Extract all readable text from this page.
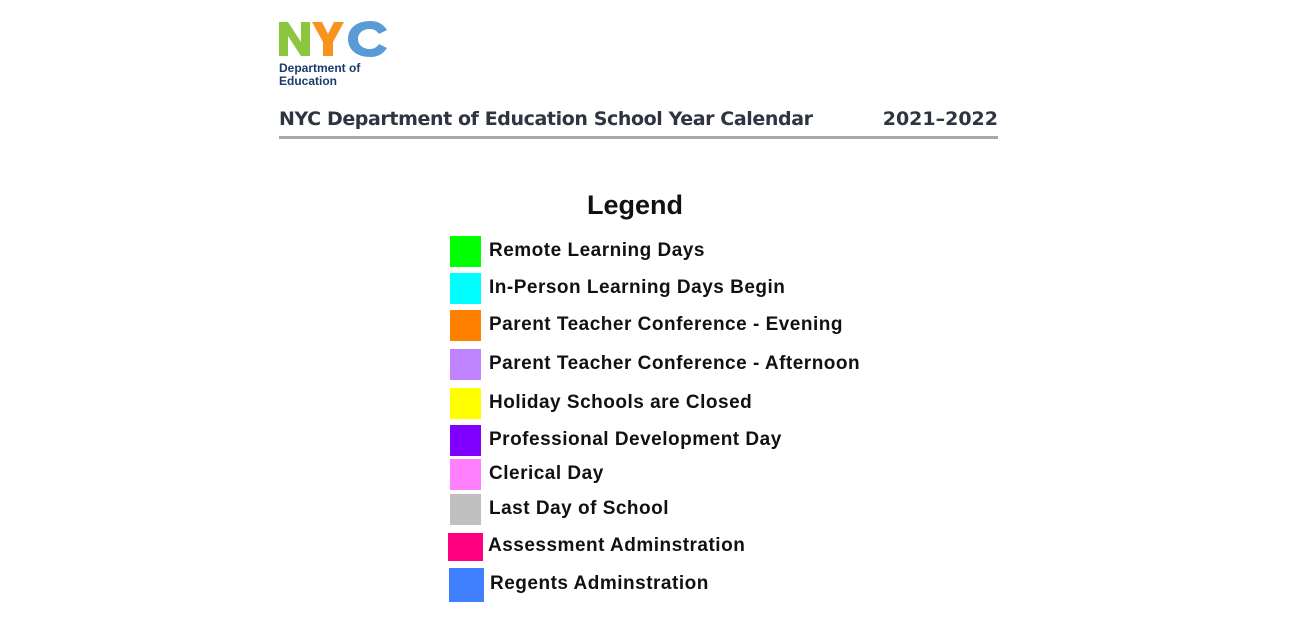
Department of
Education
NYC Department of Education School Year Calendar	2021–2022
Legend
Remote Learning Days
In-Person Learning Days Begin
Parent Teacher Conference - Evening
Parent Teacher Conference - Afternoon
Holiday Schools are Closed
Professional Development Day
Clerical Day
Last Day of School
Assessment Adminstration
Regents Adminstration
